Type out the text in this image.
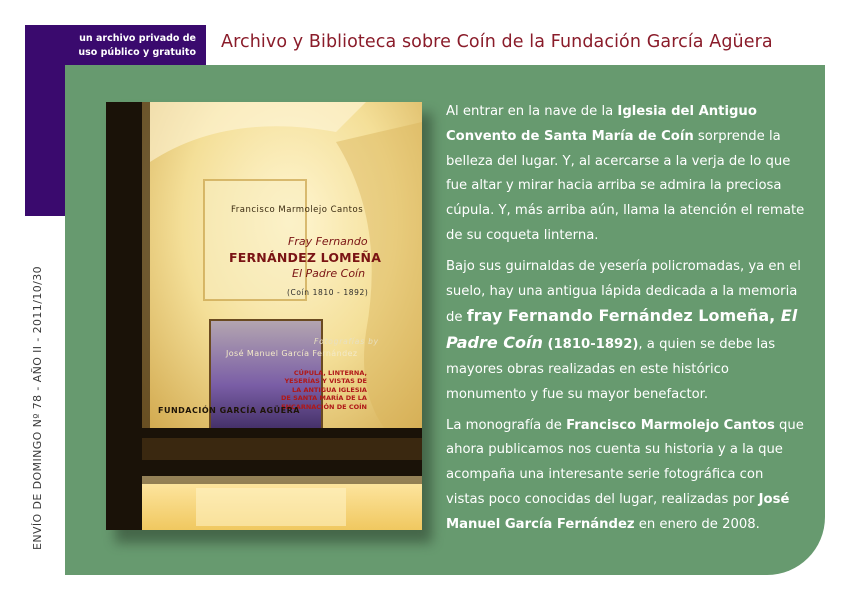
un archivo privado de
uso público y gratuito
Archivo y Biblioteca sobre Coín de la Fundación García Agüera
ENVÍO DE DOMINGO Nº 78 - AÑO II - 2011/10/30
Francisco Marmolejo Cantos
Fray Fernando
FERNÁNDEZ LOMEÑA
El Padre Coín
(Coín 1810 - 1892)
Fotografías by
José Manuel García Fernández
CÚPULA, LINTERNA,
YESERÍAS Y VISTAS DE
LA ANTIGUA IGLESIA
DE SANTA MARÍA DE LA
ENCARNACIÓN DE COÍN
FUNDACIÓN GARCÍA AGÜERA

Al entrar en la nave de la Iglesia del Antiguo Convento de Santa María de Coín sorprende la belleza del lugar. Y, al acercarse a la verja de lo que fue altar y mirar hacia arriba se admira la preciosa cúpula. Y, más arriba aún, llama la atención el remate de su coqueta linterna.

Bajo sus guirnaldas de yesería policromadas, ya en el suelo, hay una antigua lápida dedicada a la memoria de fray Fernando Fernández Lomeña, El Padre Coín (1810-1892), a quien se debe las mayores obras realizadas en este histórico monumento y fue su mayor benefactor.

La monografía de Francisco Marmolejo Cantos que ahora publicamos nos cuenta su historia y a la que acompaña una interesante serie fotográfica con vistas poco conocidas del lugar, realizadas por José Manuel García Fernández en enero de 2008.
